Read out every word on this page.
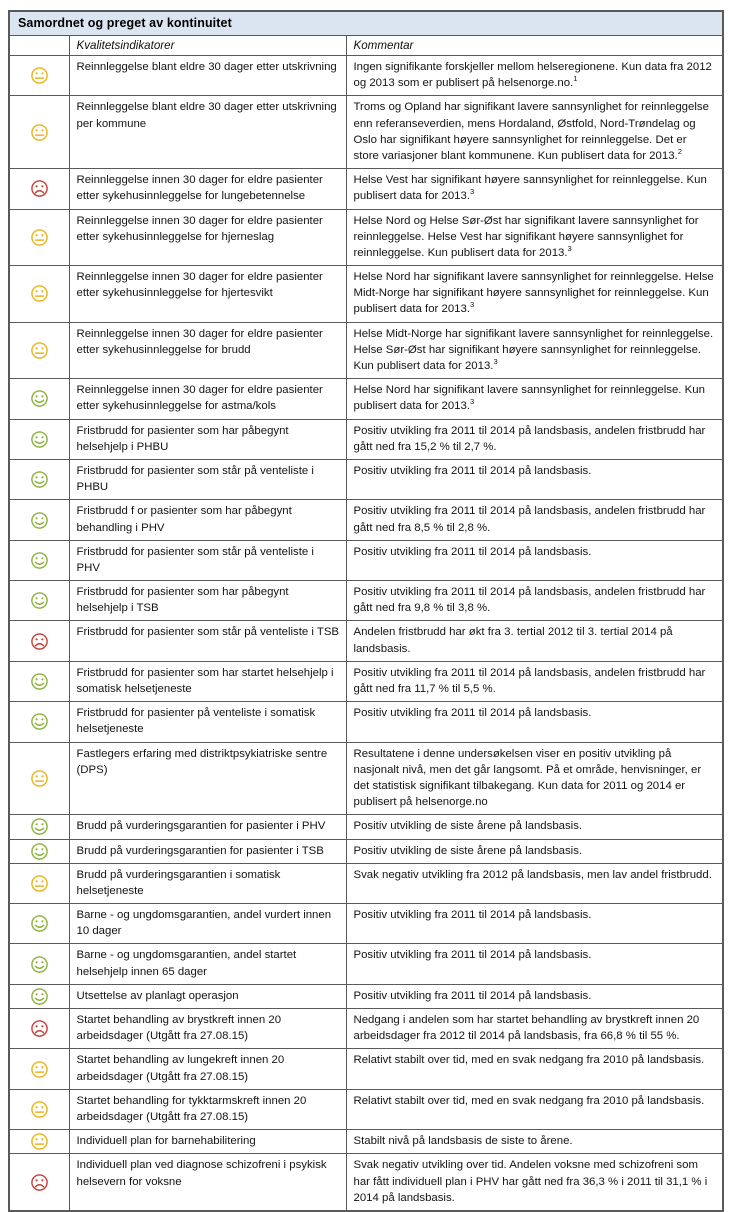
Samordnet og preget av kontinuitet		
	Kvalitetsindikatorer	Kommentar
	Reinnleggelse blant eldre 30 dager etter utskrivning	Ingen signifikante forskjeller mellom helseregionene. Kun data fra 2012 og 2013 som er publisert på helsenorge.no.$^1$
	Reinnleggelse blant eldre 30 dager etter utskrivning per kommune	Troms og Opland har signifikant lavere sannsynlighet for reinnleggelse enn referanseverdien, mens Hordaland, Østfold, Nord-Trøndelag og Oslo har signifikant høyere sannsynlighet for reinnleggelse. Det er store variasjoner blant kommunene. Kun publisert data for 2013.$^2$
	Reinnleggelse innen 30 dager for eldre pasienter etter sykehusinnleggelse for lungebetennelse	Helse Vest har signifikant høyere sannsynlighet for reinnleggelse. Kun publisert data for 2013.$^3$
	Reinnleggelse innen 30 dager for eldre pasienter etter sykehusinnleggelse for hjerneslag	Helse Nord og Helse Sør-Øst har signifikant lavere sannsynlighet for reinnleggelse. Helse Vest har signifikant høyere sannsynlighet for reinnleggelse. Kun publisert data for 2013.$^3$
	Reinnleggelse innen 30 dager for eldre pasienter etter sykehusinnleggelse for hjertesvikt	Helse Nord har signifikant lavere sannsynlighet for reinnleggelse. Helse Midt-Norge har signifikant høyere sannsynlighet for reinnleggelse. Kun publisert data for 2013.$^3$
	Reinnleggelse innen 30 dager for eldre pasienter etter sykehusinnleggelse for brudd	Helse Midt-Norge har signifikant lavere sannsynlighet for reinnleggelse. Helse Sør-Øst har signifikant høyere sannsynlighet for reinnleggelse. Kun publisert data for 2013.$^3$
	Reinnleggelse innen 30 dager for eldre pasienter etter sykehusinnleggelse for astma/kols	Helse Nord har signifikant lavere sannsynlighet for reinnleggelse. Kun publisert data for 2013.$^3$
	Fristbrudd for pasienter som har påbegynt helsehjelp i PHBU	Positiv utvikling fra 2011 til 2014 på landsbasis, andelen fristbrudd har gått ned fra 15,2 % til 2,7 %.
	Fristbrudd for pasienter som står på venteliste i PHBU	Positiv utvikling fra 2011 til 2014 på landsbasis.
	Fristbrudd f or pasienter som har påbegynt behandling i PHV	Positiv utvikling fra 2011 til 2014 på landsbasis, andelen fristbrudd har gått ned fra 8,5 % til 2,8 %.
	Fristbrudd for pasienter som står på venteliste i PHV	Positiv utvikling fra 2011 til 2014 på landsbasis.
	Fristbrudd for pasienter som har påbegynt helsehjelp i TSB	Positiv utvikling fra 2011 til 2014 på landsbasis, andelen fristbrudd har gått ned fra 9,8 % til 3,8 %.
	Fristbrudd for pasienter som står på venteliste i TSB	Andelen fristbrudd har økt fra 3. tertial 2012 til 3. tertial 2014 på landsbasis.
	Fristbrudd for pasienter som har startet helsehjelp i somatisk helsetjeneste	Positiv utvikling fra 2011 til 2014 på landsbasis, andelen fristbrudd har gått ned fra 11,7 % til 5,5 %.
	Fristbrudd for pasienter på venteliste i somatisk helsetjeneste	Positiv utvikling fra 2011 til 2014 på landsbasis.
	Fastlegers erfaring med distriktpsykiatriske sentre (DPS)	Resultatene i denne undersøkelsen viser en positiv utvikling på nasjonalt nivå, men det går langsomt. På et område, henvisninger, er det statistisk signifikant tilbakegang. Kun data for 2011 og 2014 er publisert på helsenorge.no
	Brudd på vurderingsgarantien for pasienter i PHV	Positiv utvikling de siste årene på landsbasis.
	Brudd på vurderingsgarantien for pasienter i TSB	Positiv utvikling de siste årene på landsbasis.
	Brudd på vurderingsgarantien i somatisk helsetjeneste	Svak negativ utvikling fra 2012 på landsbasis, men lav andel fristbrudd.
	Barne - og ungdomsgarantien, andel vurdert innen 10 dager	Positiv utvikling fra 2011 til 2014 på landsbasis.
	Barne - og ungdomsgarantien, andel startet helsehjelp innen 65 dager	Positiv utvikling fra 2011 til 2014 på landsbasis.
	Utsettelse av planlagt operasjon	Positiv utvikling fra 2011 til 2014 på landsbasis.
	Startet behandling av brystkreft innen 20 arbeidsdager (Utgått fra 27.08.15)	Nedgang i andelen som har startet behandling av brystkreft innen 20 arbeidsdager fra 2012 til 2014 på landsbasis, fra 66,8 % til 55 %.
	Startet behandling av lungekreft innen 20 arbeidsdager (Utgått fra 27.08.15)	Relativt stabilt over tid, med en svak nedgang fra 2010 på landsbasis.
	Startet behandling for tykktarmskreft innen 20 arbeidsdager (Utgått fra 27.08.15)	Relativt stabilt over tid, med en svak nedgang fra 2010 på landsbasis.
	Individuell plan for barnehabilitering	Stabilt nivå på landsbasis de siste to årene.
	Individuell plan ved diagnose schizofreni i psykisk helsevern for voksne	Svak negativ utvikling over tid. Andelen voksne med schizofreni som har fått individuell plan i PHV har gått ned fra 36,3 % i 2011 til 31,1 % i 2014 på landsbasis.
